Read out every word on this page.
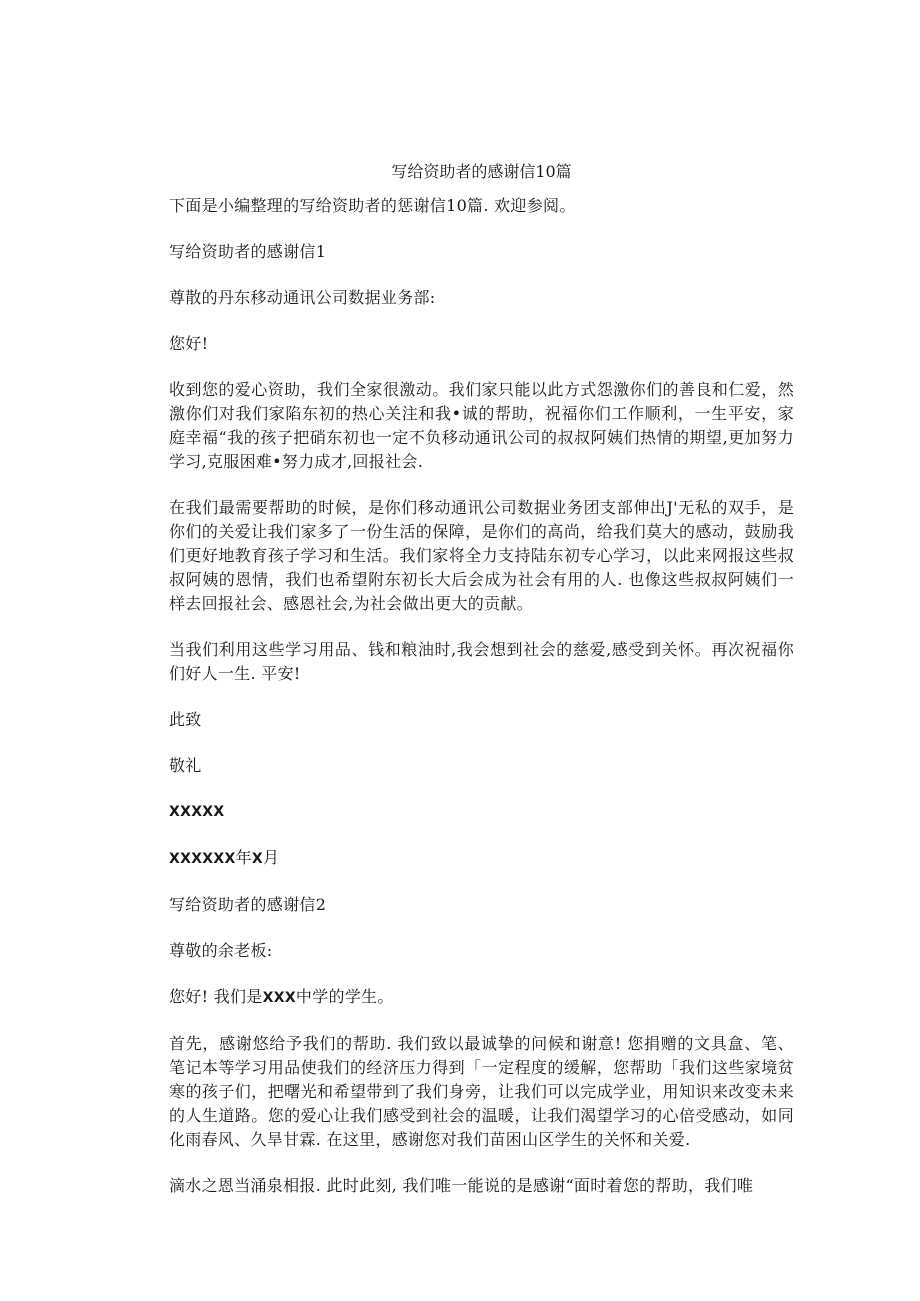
写给资助者的感谢信10篇
下面是小编整理的写给资助者的惩谢信10篇. 欢迎参阅。
写给资助者的感谢信1
尊散的丹东移动通讯公司数据业务部:
您好!
收到您的爱心资助，我们全家很激动。我们家只能以此方式怨激你们的善良和仁爱，然激你们对我们家陷东初的热心关注和我•诚的帮助，祝福你们工作顺利，一生平安，家庭幸福“我的孩子把硝东初也一定不负移动通讯公司的叔叔阿姨们热情的期望,更加努力学习,克服困难•努力成才,回报社会.
在我们最需要帮助的时候，是你们移动通讯公司数据业务团支部伸出J'无私的双手，是你们的关爱让我们家多了一份生活的保障，是你们的高尚，给我们莫大的感动，鼓励我们更好地教育孩子学习和生活。我们家将全力支持陆东初专心学习，以此来网报这些叔叔阿姨的恩情，我们也希望附东初长大后会成为社会有用的人. 也像这些叔叔阿姨们一样去回报社会、感恩社会,为社会做出更大的贡献。
当我们利用这些学习用品、钱和粮油时,我会想到社会的慈爱,感受到关怀。再次祝福你们好人一生. 平安!
此致
敬礼
XXXXX
XXXXXX年X月
写给资助者的感谢信2
尊敬的余老板:
您好! 我们是XXX中学的学生。
首先，感谢悠给予我们的帮助. 我们致以最诚挚的问候和谢意! 您捐赠的文具盒、笔、笔记本等学习用品使我们的经济压力得到「一定程度的缓解，您帮助「我们这些家境贫寒的孩子们，把曙光和希望带到了我们身旁，让我们可以完成学业，用知识来改变未来的人生道路。您的爱心让我们感受到社会的温暖，让我们渴望学习的心倍受感动，如同化雨春风、久旱甘霖. 在这里，感谢您对我们苗困山区学生的关怀和关爱.
滴水之恩当涌泉相报. 此时此刻, 我们唯一能说的是感谢“面时着您的帮助，我们唯
